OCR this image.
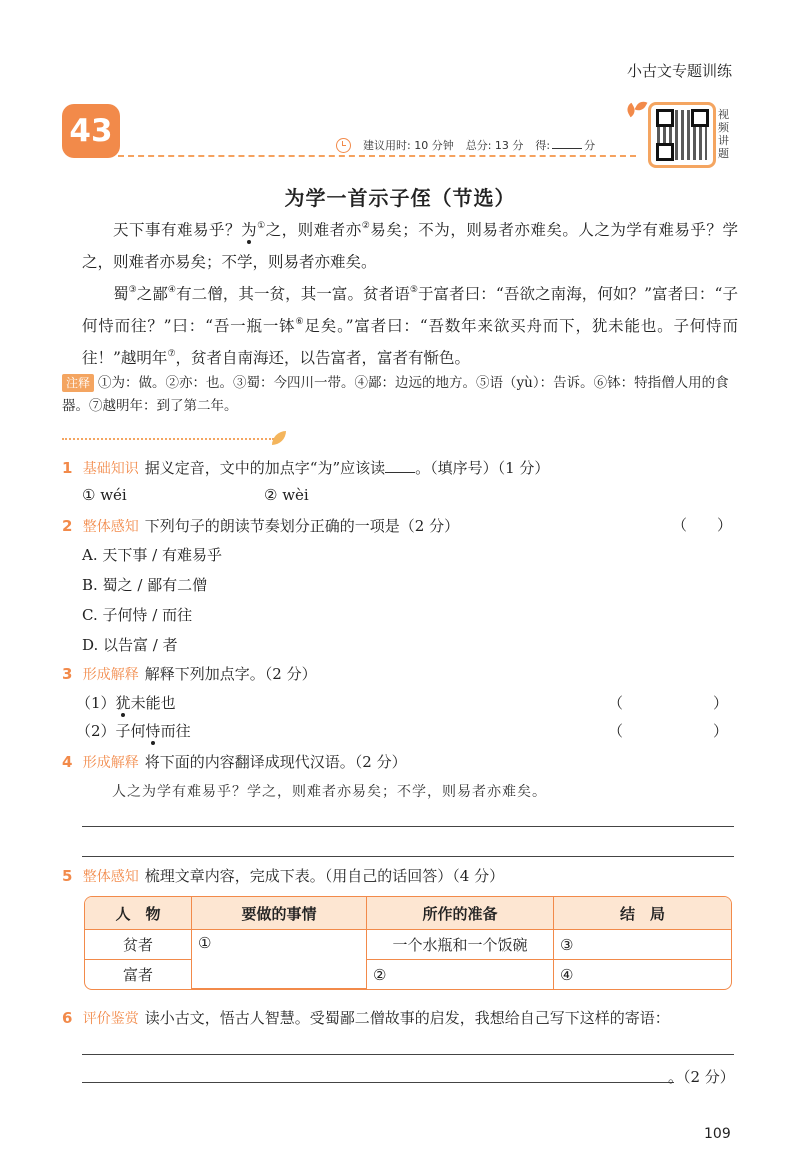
小古文专题训练
43	建议用时: 10 分钟 总分: 13 分 得:	分
视
频
讲
题
为学一首示子侄（节选）

天下事有难易乎？为①之，则难者亦②易矣；不为，则易者亦难矣。人之为学有难易乎？学之，则难者亦易矣；不学，则易者亦难矣。

蜀③之鄙④有二僧，其一贫，其一富。贫者语⑤于富者曰：“吾欲之南海，何如？”富者曰：“子何恃而往？”曰：“吾一瓶一钵⑥足矣。”富者曰：“吾数年来欲买舟而下，犹未能也。子何恃而往！”越明年⑦，贫者自南海还，以告富者，富者有惭色。

注释 ①为：做。②亦：也。③蜀：今四川一带。④鄙：边远的地方。⑤语（yù）：告诉。⑥钵：特指僧人用的食器。⑦越明年：到了第二年。
1 基础知识 据义定音，文中的加点字“为”应该读 。（填序号）（1 分）
① wéi	② wèi
2 整体感知 下列句子的朗读节奏划分正确的一项是（2 分）	（　　）
A. 天下事 / 有难易乎
B. 蜀之 / 鄙有二僧
C. 子何恃 / 而往
D. 以告富 / 者
3 形成解释 解释下列加点字。（2 分）
（1）犹未能也	（　　　　　　）
（2）子何恃而往	（　　　　　　）
4 形成解释 将下面的内容翻译成现代汉语。（2 分）
人之为学有难易乎？学之，则难者亦易矣；不学，则易者亦难矣。
5 整体感知 梳理文章内容，完成下表。（用自己的话回答）（4 分）
人　物	要做的事情	所作的准备	结　局
贫者	①	一个水瓶和一个饭碗	③
富者		②	④
6 评价鉴赏 读小古文，悟古人智慧。受蜀鄙二僧故事的启发，我想给自己写下这样的寄语：
。（2 分）
109
